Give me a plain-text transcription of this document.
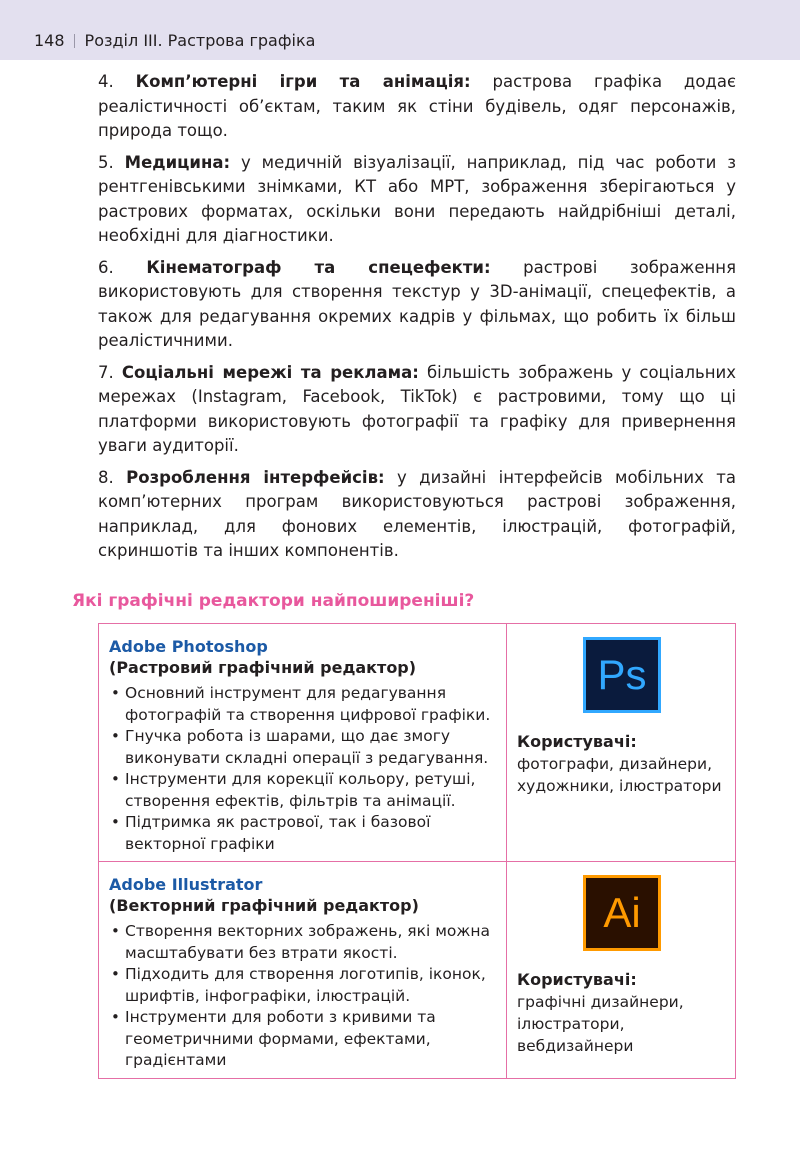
148 Розділ III. Растрова графіка

4. Комп’ютерні ігри та анімація: растрова графіка додає реалістичності об’єктам, таким як стіни будівель, одяг персонажів, природа тощо.

5. Медицина: у медичній візуалізації, наприклад, під час роботи з рентгенівськими знімками, КТ або МРТ, зображення зберігаються у растрових форматах, оскільки вони передають найдрібніші деталі, необхідні для діагностики.

6. Кінематограф та спецефекти: растрові зображення використовують для створення текстур у 3D-анімації, спецефектів, а також для редагування окремих кадрів у фільмах, що робить їх більш реалістичними.

7. Соціальні мережі та реклама: більшість зображень у соціальних мережах (Instagram, Facebook, TikTok) є растровими, тому що ці платформи використовують фотографії та графіку для привернення уваги аудиторії.

8. Розроблення інтерфейсів: у дизайні інтерфейсів мобільних та комп’ютерних програм використовуються растрові зображення, наприклад, для фонових елементів, ілюстрацій, фотографій, скриншотів та інших компонентів.

Які графічні редактори найпоширеніші?
Adobe Photoshop
(Растровий графічний редактор)
• Основний інструмент для редагування фотографій та створення цифрової графіки.
• Гнучка робота із шарами, що дає змогу виконувати складні операції з редагування.
• Інструменти для корекції кольору, ретуші, створення ефектів, фільтрів та анімації.
• Підтримка як растрової, так і базової векторної графіки
Ps
Користувачі:
фотографи, дизайнери, художники, ілюстратори
Adobe Illustrator
(Векторний графічний редактор)
• Створення векторних зображень, які можна масштабувати без втрати якості.
• Підходить для створення логотипів, іконок, шрифтів, інфографіки, ілюстрацій.
• Інструменти для роботи з кривими та геометричними формами, ефектами, градієнтами
Ai
Користувачі:
графічні дизайнери, ілюстратори, вебдизайнери
